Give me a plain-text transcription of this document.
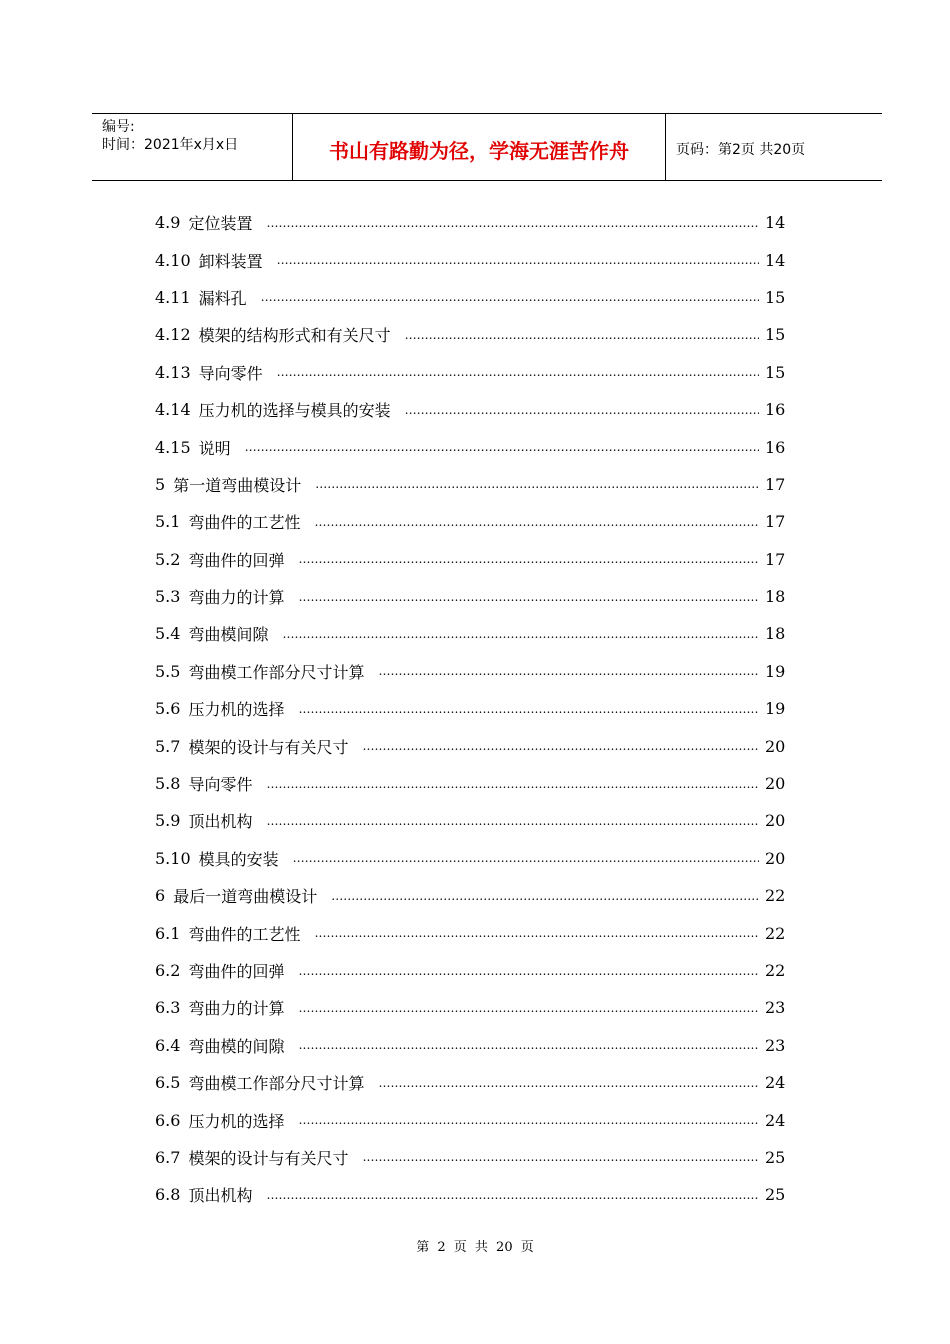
编号:
时间：2021年x月x日	书山有路勤为径，学海无涯苦作舟	页码：第2页 共20页
4.9 定位装置 ………………………………………………………………………………………………………………………………………………………………………………………………………	14
4.10 卸料装置 ………………………………………………………………………………………………………………………………………………………………………………………………………	14
4.11 漏料孔 ………………………………………………………………………………………………………………………………………………………………………………………………………	15
4.12 模架的结构形式和有关尺寸 ………………………………………………………………………………………………………………………………………………………………………………………………………	15
4.13 导向零件 ………………………………………………………………………………………………………………………………………………………………………………………………………	15
4.14 压力机的选择与模具的安装 ………………………………………………………………………………………………………………………………………………………………………………………………………	16
4.15 说明 ………………………………………………………………………………………………………………………………………………………………………………………………………	16
5 第一道弯曲模设计 ………………………………………………………………………………………………………………………………………………………………………………………………………	17
5.1 弯曲件的工艺性 ………………………………………………………………………………………………………………………………………………………………………………………………………	17
5.2 弯曲件的回弹 ………………………………………………………………………………………………………………………………………………………………………………………………………	17
5.3 弯曲力的计算 ………………………………………………………………………………………………………………………………………………………………………………………………………	18
5.4 弯曲模间隙 ………………………………………………………………………………………………………………………………………………………………………………………………………	18
5.5 弯曲模工作部分尺寸计算 ………………………………………………………………………………………………………………………………………………………………………………………………………	19
5.6 压力机的选择 ………………………………………………………………………………………………………………………………………………………………………………………………………	19
5.7 模架的设计与有关尺寸 ………………………………………………………………………………………………………………………………………………………………………………………………………	20
5.8 导向零件 ………………………………………………………………………………………………………………………………………………………………………………………………………	20
5.9 顶出机构 ………………………………………………………………………………………………………………………………………………………………………………………………………	20
5.10 模具的安装 ………………………………………………………………………………………………………………………………………………………………………………………………………	20
6 最后一道弯曲模设计 ………………………………………………………………………………………………………………………………………………………………………………………………………	22
6.1 弯曲件的工艺性 ………………………………………………………………………………………………………………………………………………………………………………………………………	22
6.2 弯曲件的回弹 ………………………………………………………………………………………………………………………………………………………………………………………………………	22
6.3 弯曲力的计算 ………………………………………………………………………………………………………………………………………………………………………………………………………	23
6.4 弯曲模的间隙 ………………………………………………………………………………………………………………………………………………………………………………………………………	23
6.5 弯曲模工作部分尺寸计算 ………………………………………………………………………………………………………………………………………………………………………………………………………	24
6.6 压力机的选择 ………………………………………………………………………………………………………………………………………………………………………………………………………	24
6.7 模架的设计与有关尺寸 ………………………………………………………………………………………………………………………………………………………………………………………………………	25
6.8 顶出机构 ………………………………………………………………………………………………………………………………………………………………………………………………………	25
第 2 页 共 20 页
